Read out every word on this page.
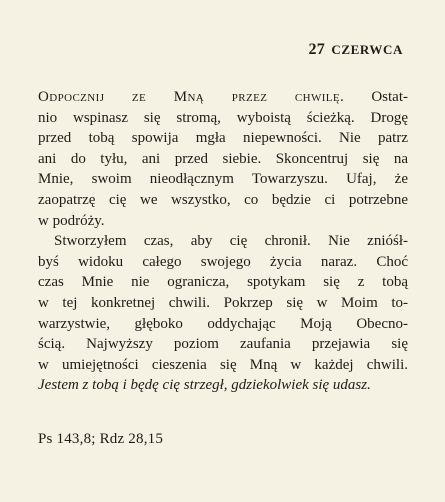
27 CZERWCA
Odpocznij ze Mną przez chwilę. Ostat-
nio wspinasz się stromą, wyboistą ścieżką. Drogę
przed tobą spowija mgła niepewności. Nie patrz
ani do tyłu, ani przed siebie. Skoncentruj się na
Mnie, swoim nieodłącznym Towarzyszu. Ufaj, że
zaopatrzę cię we wszystko, co będzie ci potrzebne
w podróży.
Stworzyłem czas, aby cię chronił. Nie znióśł-
byś widoku całego swojego życia naraz. Choć
czas Mnie nie ogranicza, spotykam się z tobą
w tej konkretnej chwili. Pokrzep się w Moim to-
warzystwie, głęboko oddychając Moją Obecno-
ścią. Najwyższy poziom zaufania przejawia się
w umiejętności cieszenia się Mną w każdej chwili.
Jestem z tobą i będę cię strzegł, gdziekolwiek się udasz.
Ps 143,8; Rdz 28,15
